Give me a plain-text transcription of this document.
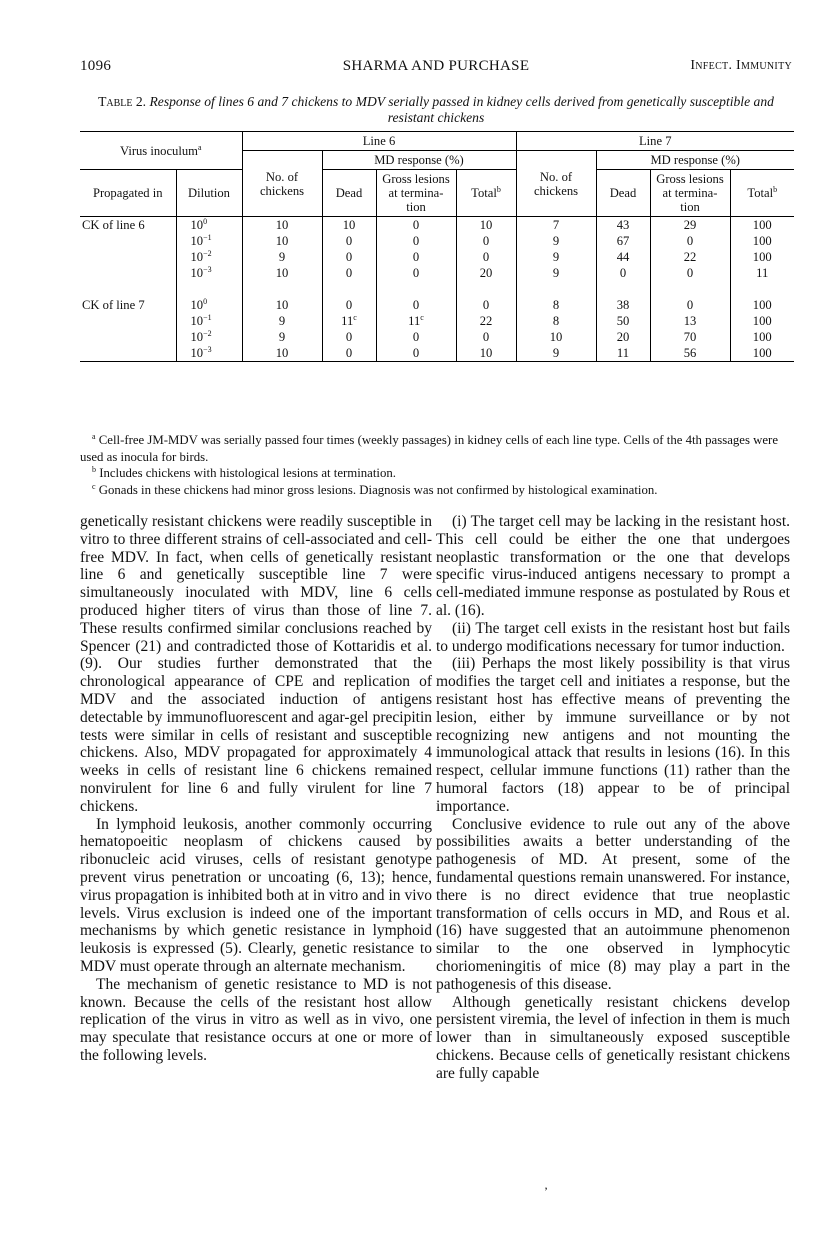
1096	SHARMA AND PURCHASE	Infect. Immunity
Table 2. Response of lines 6 and 7 chickens to MDV serially passed in kidney cells derived from genetically susceptible and resistant chickens
Virus inoculum$^a$		Line 6				Line 7			
		No. of chickens	MD response (%)			No. of chickens	MD response (%)		
Propagated in	Dilution		Dead	Gross lesions at termina- tion	Total$^b$		Dead	Gross lesions at termina- tion	Total$^b$
CK of line 6	$10^0$	10	10	0	10	7	43	29	100
	$10^{-1}$	10	0	0	0	9	67	0	100
	$10^{-2}$	9	0	0	0	9	44	22	100
	$10^{-3}$	10	0	0	20	9	0	0	11

CK of line 7	$10^0$	10	0	0	0	8	38	0	100
	$10^{-1}$	9	11$^c$	11$^c$	22	8	50	13	100
	$10^{-2}$	9	0	0	0	10	20	70	100
	$10^{-3}$	10	0	0	10	9	11	56	100

$^a$ Cell-free JM-MDV was serially passed four times (weekly passages) in kidney cells of each line type. Cells of the 4th passages were used as inocula for birds.

$^b$ Includes chickens with histological lesions at termination.

$^c$ Gonads in these chickens had minor gross lesions. Diagnosis was not confirmed by histological examination.

genetically resistant chickens were readily susceptible in vitro to three different strains of cell-associated and cell-free MDV. In fact, when cells of genetically resistant line 6 and genetically susceptible line 7 were simultaneously inoculated with MDV, line 6 cells produced higher titers of virus than those of line 7. These results confirmed similar conclusions reached by Spencer (21) and contradicted those of Kottaridis et al. (9). Our studies further demonstrated that the chronological appearance of CPE and replication of MDV and the associated induction of antigens detectable by immunofluorescent and agar-gel precipitin tests were similar in cells of resistant and susceptible chickens. Also, MDV propagated for approximately 4 weeks in cells of resistant line 6 chickens remained nonvirulent for line 6 and fully virulent for line 7 chickens.

In lymphoid leukosis, another commonly occurring hematopoeitic neoplasm of chickens caused by ribonucleic acid viruses, cells of resistant genotype prevent virus penetration or uncoating (6, 13); hence, virus propagation is inhibited both at in vitro and in vivo levels. Virus exclusion is indeed one of the important mechanisms by which genetic resistance in lymphoid leukosis is expressed (5). Clearly, genetic resistance to MDV must operate through an alternate mechanism.

The mechanism of genetic resistance to MD is not known. Because the cells of the resistant host allow replication of the virus in vitro as well as in vivo, one may speculate that resistance occurs at one or more of the following levels.

(i) The target cell may be lacking in the resistant host. This cell could be either the one that undergoes neoplastic transformation or the one that develops specific virus-induced antigens necessary to prompt a cell-mediated immune response as postulated by Rous et al. (16).

(ii) The target cell exists in the resistant host but fails to undergo modifications necessary for tumor induction.

(iii) Perhaps the most likely possibility is that virus modifies the target cell and initiates a response, but the resistant host has effective means of preventing the lesion, either by immune surveillance or by not recognizing new antigens and not mounting the immunological attack that results in lesions (16). In this respect, cellular immune functions (11) rather than the humoral factors (18) appear to be of principal importance.

Conclusive evidence to rule out any of the above possibilities awaits a better understanding of the pathogenesis of MD. At present, some of the fundamental questions remain unanswered. For instance, there is no direct evidence that true neoplastic transformation of cells occurs in MD, and Rous et al. (16) have suggested that an autoimmune phenomenon similar to the one observed in lymphocytic choriomeningitis of mice (8) may play a part in the pathogenesis of this disease.

Although genetically resistant chickens develop persistent viremia, the level of infection in them is much lower than in simultaneously exposed susceptible chickens. Because cells of genetically resistant chickens are fully capable

’
